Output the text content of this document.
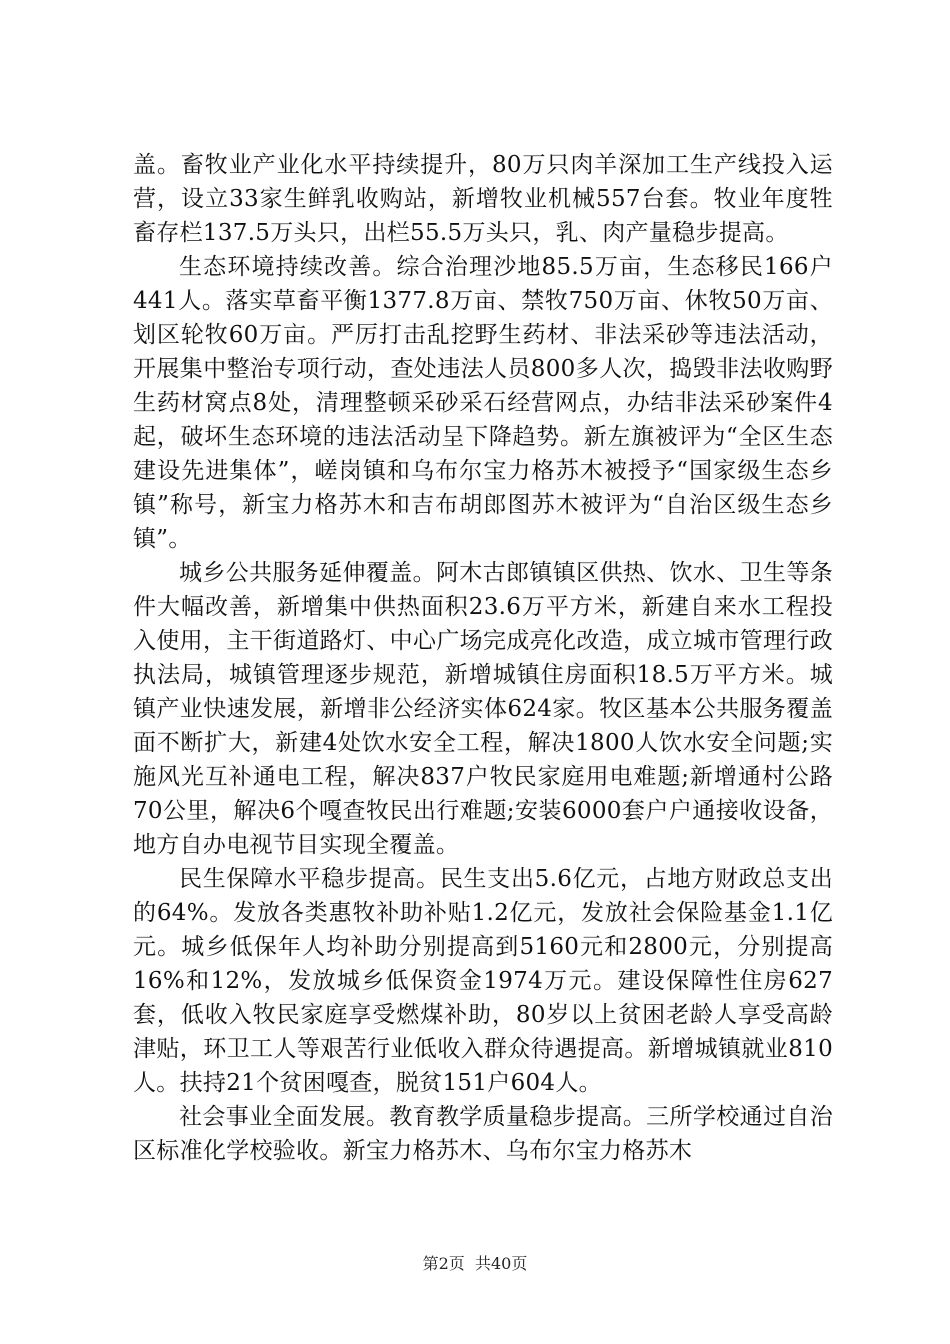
盖。畜牧业产业化水平持续提升，80万只肉羊深加工生产线投入运营，设立33家生鲜乳收购站，新增牧业机械557台套。牧业年度牲畜存栏137.5万头只，出栏55.5万头只，乳、肉产量稳步提高。

生态环境持续改善。综合治理沙地85.5万亩，生态移民166户441人。落实草畜平衡1377.8万亩、禁牧750万亩、休牧50万亩、划区轮牧60万亩。严厉打击乱挖野生药材、非法采砂等违法活动，开展集中整治专项行动，查处违法人员800多人次，捣毁非法收购野生药材窝点8处，清理整顿采砂采石经营网点，办结非法采砂案件4起，破坏生态环境的违法活动呈下降趋势。新左旗被评为“全区生态建设先进集体”，嵯岗镇和乌布尔宝力格苏木被授予“国家级生态乡镇”称号，新宝力格苏木和吉布胡郎图苏木被评为“自治区级生态乡镇”。

城乡公共服务延伸覆盖。阿木古郎镇镇区供热、饮水、卫生等条件大幅改善，新增集中供热面积23.6万平方米，新建自来水工程投入使用，主干街道路灯、中心广场完成亮化改造，成立城市管理行政执法局，城镇管理逐步规范，新增城镇住房面积18.5万平方米。城镇产业快速发展，新增非公经济实体624家。牧区基本公共服务覆盖面不断扩大，新建4处饮水安全工程，解决1800人饮水安全问题;实施风光互补通电工程，解决837户牧民家庭用电难题;新增通村公路70公里，解决6个嘎查牧民出行难题;安装6000套户户通接收设备，地方自办电视节目实现全覆盖。

民生保障水平稳步提高。民生支出5.6亿元，占地方财政总支出的64%。发放各类惠牧补助补贴1.2亿元，发放社会保险基金1.1亿元。城乡低保年人均补助分别提高到5160元和2800元，分别提高16%和12%，发放城乡低保资金1974万元。建设保障性住房627套，低收入牧民家庭享受燃煤补助，80岁以上贫困老龄人享受高龄津贴，环卫工人等艰苦行业低收入群众待遇提高。新增城镇就业810人。扶持21个贫困嘎查，脱贫151户604人。

社会事业全面发展。教育教学质量稳步提高。三所学校通过自治区标准化学校验收。新宝力格苏木、乌布尔宝力格苏木

第2页 共40页
